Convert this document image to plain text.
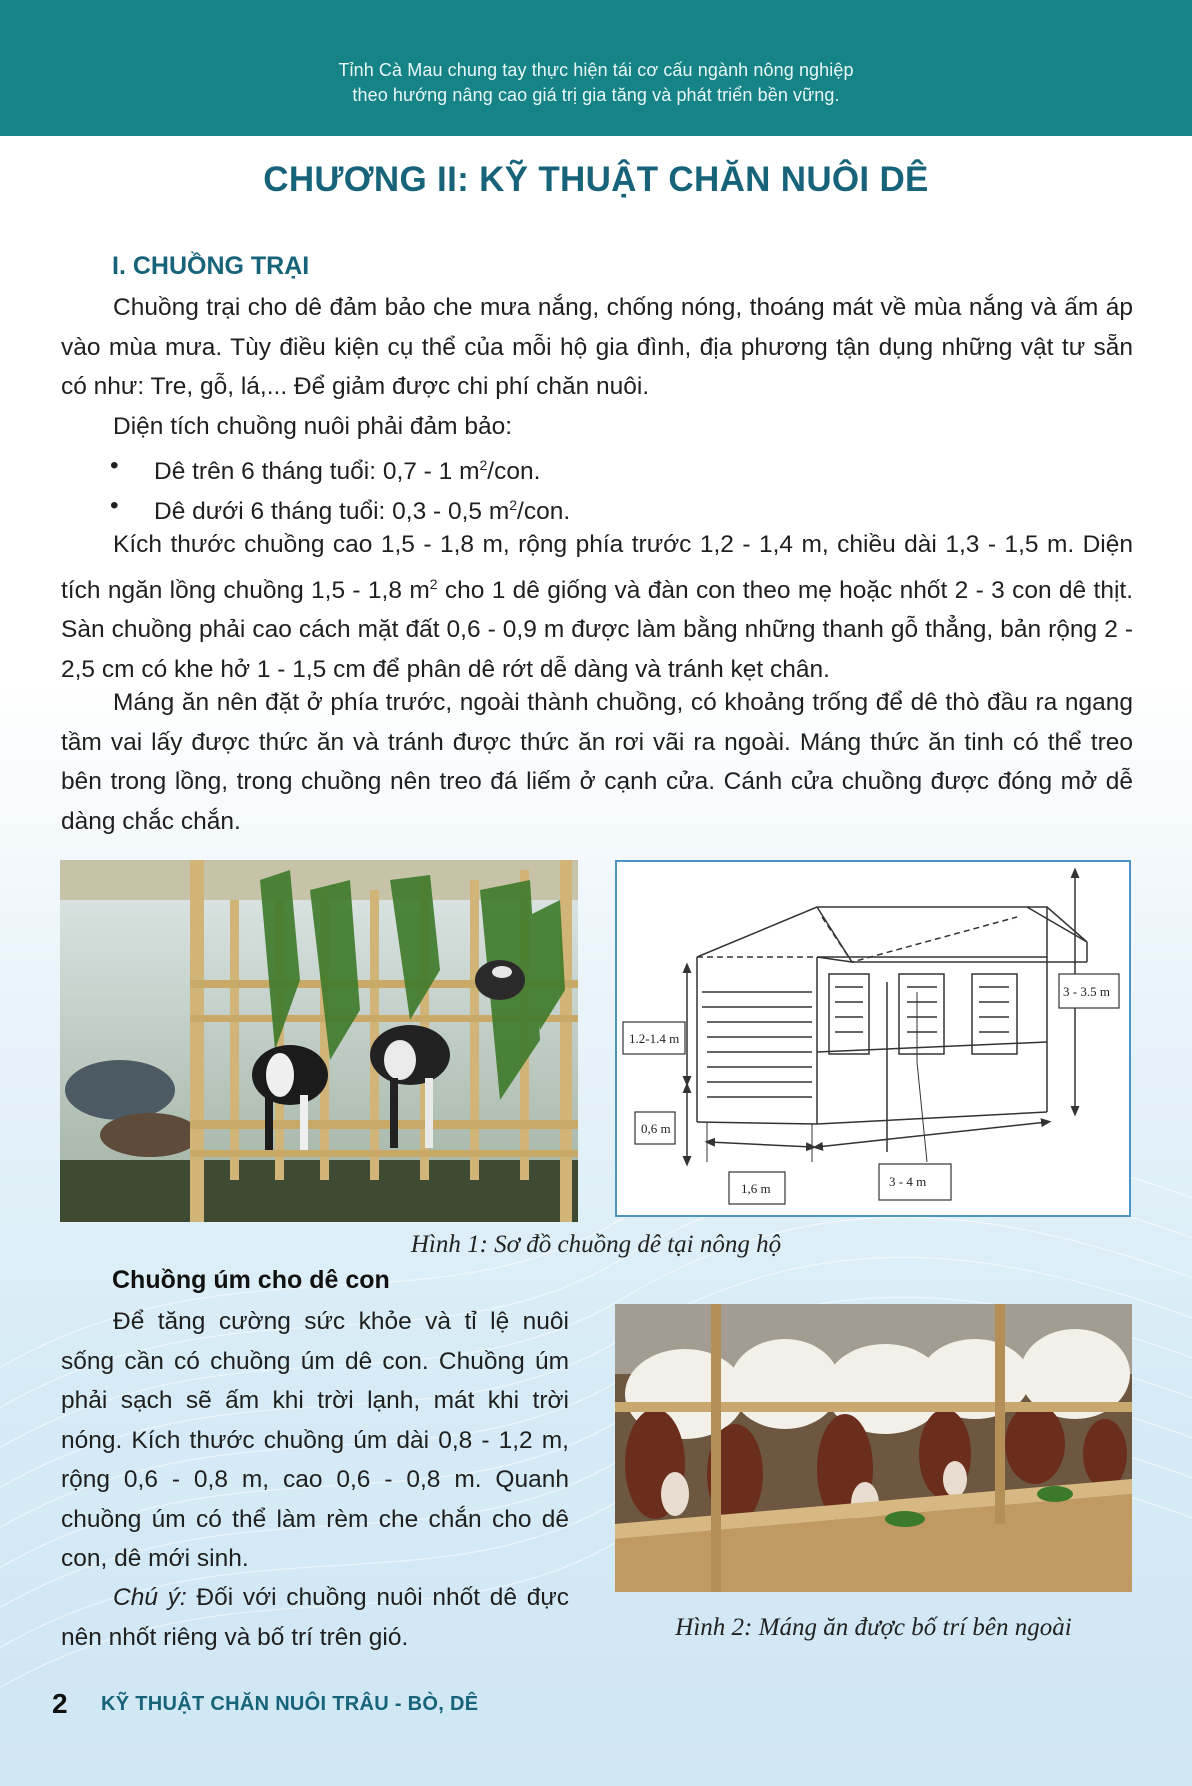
Tỉnh Cà Mau chung tay thực hiện tái cơ cấu ngành nông nghiệp
theo hướng nâng cao giá trị gia tăng và phát triển bền vững.
CHƯƠNG II: KỸ THUẬT CHĂN NUÔI DÊ
I. CHUỒNG TRẠI

Chuồng trại cho dê đảm bảo che mưa nắng, chống nóng, thoáng mát về mùa nắng và ấm áp vào mùa mưa. Tùy điều kiện cụ thể của mỗi hộ gia đình, địa phương tận dụng những vật tư sẵn có như: Tre, gỗ, lá,... Để giảm được chi phí chăn nuôi.

Diện tích chuồng nuôi phải đảm bảo:

• Dê trên 6 tháng tuổi: 0,7 - 1 $m^2$/con.
• Dê dưới 6 tháng tuổi: 0,3 - 0,5 $m^2$/con.

Kích thước chuồng cao 1,5 - 1,8 m, rộng phía trước 1,2 - 1,4 m, chiều dài 1,3 - 1,5 m. Diện tích ngăn lồng chuồng 1,5 - 1,8 $m^2$ cho 1 dê giống và đàn con theo mẹ hoặc nhốt 2 - 3 con dê thịt. Sàn chuồng phải cao cách mặt đất 0,6 - 0,9 m được làm bằng những thanh gỗ thẳng, bản rộng 2 - 2,5 cm có khe hở 1 - 1,5 cm để phân dê rớt dễ dàng và tránh kẹt chân.

Máng ăn nên đặt ở phía trước, ngoài thành chuồng, có khoảng trống để dê thò đầu ra ngang tầm vai lấy được thức ăn và tránh được thức ăn rơi vãi ra ngoài. Máng thức ăn tinh có thể treo bên trong lồng, trong chuồng nên treo đá liếm ở cạnh cửa. Cánh cửa chuồng được đóng mở dễ dàng chắc chắn.

1.2-1.4 m
0,6 m
1,6 m	3 - 4 m
3 - 3.5 m
Hình 1: Sơ đồ chuồng dê tại nông hộ
Chuồng úm cho dê con

Để tăng cường sức khỏe và tỉ lệ nuôi sống cần có chuồng úm dê con. Chuồng úm phải sạch sẽ ấm khi trời lạnh, mát khi trời nóng. Kích thước chuồng úm dài 0,8 - 1,2 m, rộng 0,6 - 0,8 m, cao 0,6 - 0,8 m. Quanh chuồng úm có thể làm rèm che chắn cho dê con, dê mới sinh.

Chú ý: Đối với chuồng nuôi nhốt dê đực nên nhốt riêng và bố trí trên gió.	Hình 2: Máng ăn được bố trí bên ngoài
2 KỸ THUẬT CHĂN NUÔI TRÂU - BÒ, DÊ
